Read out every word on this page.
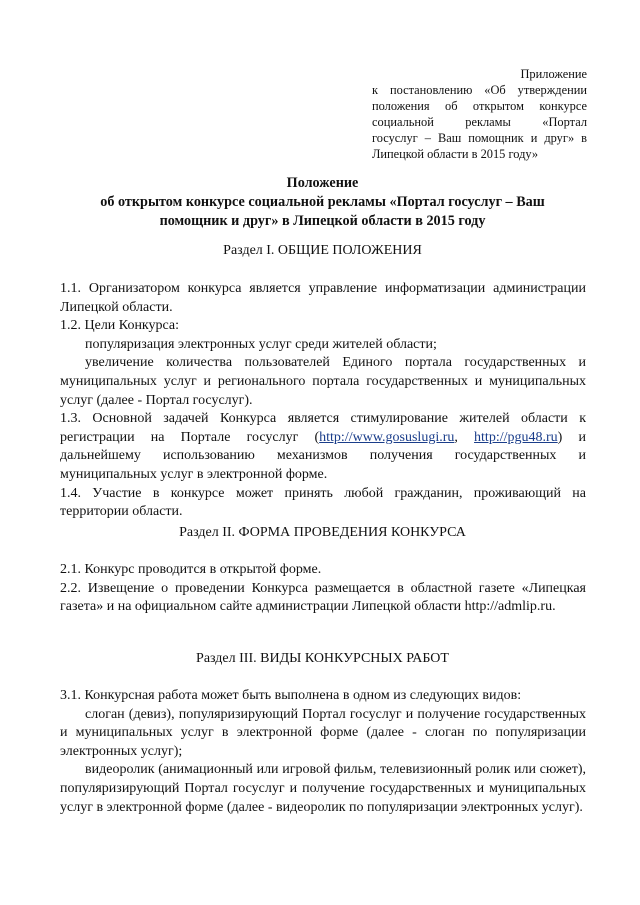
Приложение
к постановлению «Об утверждении
положения об открытом конкурсе
социальной рекламы «Портал
госуслуг – Ваш помощник и друг» в
Липецкой области в 2015 году»
Положение
об открытом конкурсе социальной рекламы «Портал госуслуг – Ваш
помощник и друг» в Липецкой области в 2015 году
Раздел I. ОБЩИЕ ПОЛОЖЕНИЯ

1.1. Организатором конкурса является управление информатизации администрации Липецкой области.

1.2. Цели Конкурса:

популяризация электронных услуг среди жителей области;

увеличение количества пользователей Единого портала государственных и муниципальных услуг и регионального портала государственных и муниципальных услуг (далее - Портал госуслуг).

1.3. Основной задачей Конкурса является стимулирование жителей области к регистрации на Портале госуслуг (http://www.gosuslugi.ru, http://pgu48.ru) и дальнейшему использованию механизмов получения государственных и муниципальных услуг в электронной форме.

1.4. Участие в конкурсе может принять любой гражданин, проживающий на территории области.

Раздел II. ФОРМА ПРОВЕДЕНИЯ КОНКУРСА

2.1. Конкурс проводится в открытой форме.

2.2. Извещение о проведении Конкурса размещается в областной газете «Липецкая газета» и на официальном сайте администрации Липецкой области http://admlip.ru.

Раздел III. ВИДЫ КОНКУРСНЫХ РАБОТ

3.1. Конкурсная работа может быть выполнена в одном из следующих видов:

слоган (девиз), популяризирующий Портал госуслуг и получение государственных и муниципальных услуг в электронной форме (далее - слоган по популяризации электронных услуг);

видеоролик (анимационный или игровой фильм, телевизионный ролик или сюжет), популяризирующий Портал госуслуг и получение государственных и муниципальных услуг в электронной форме (далее - видеоролик по популяризации электронных услуг).
